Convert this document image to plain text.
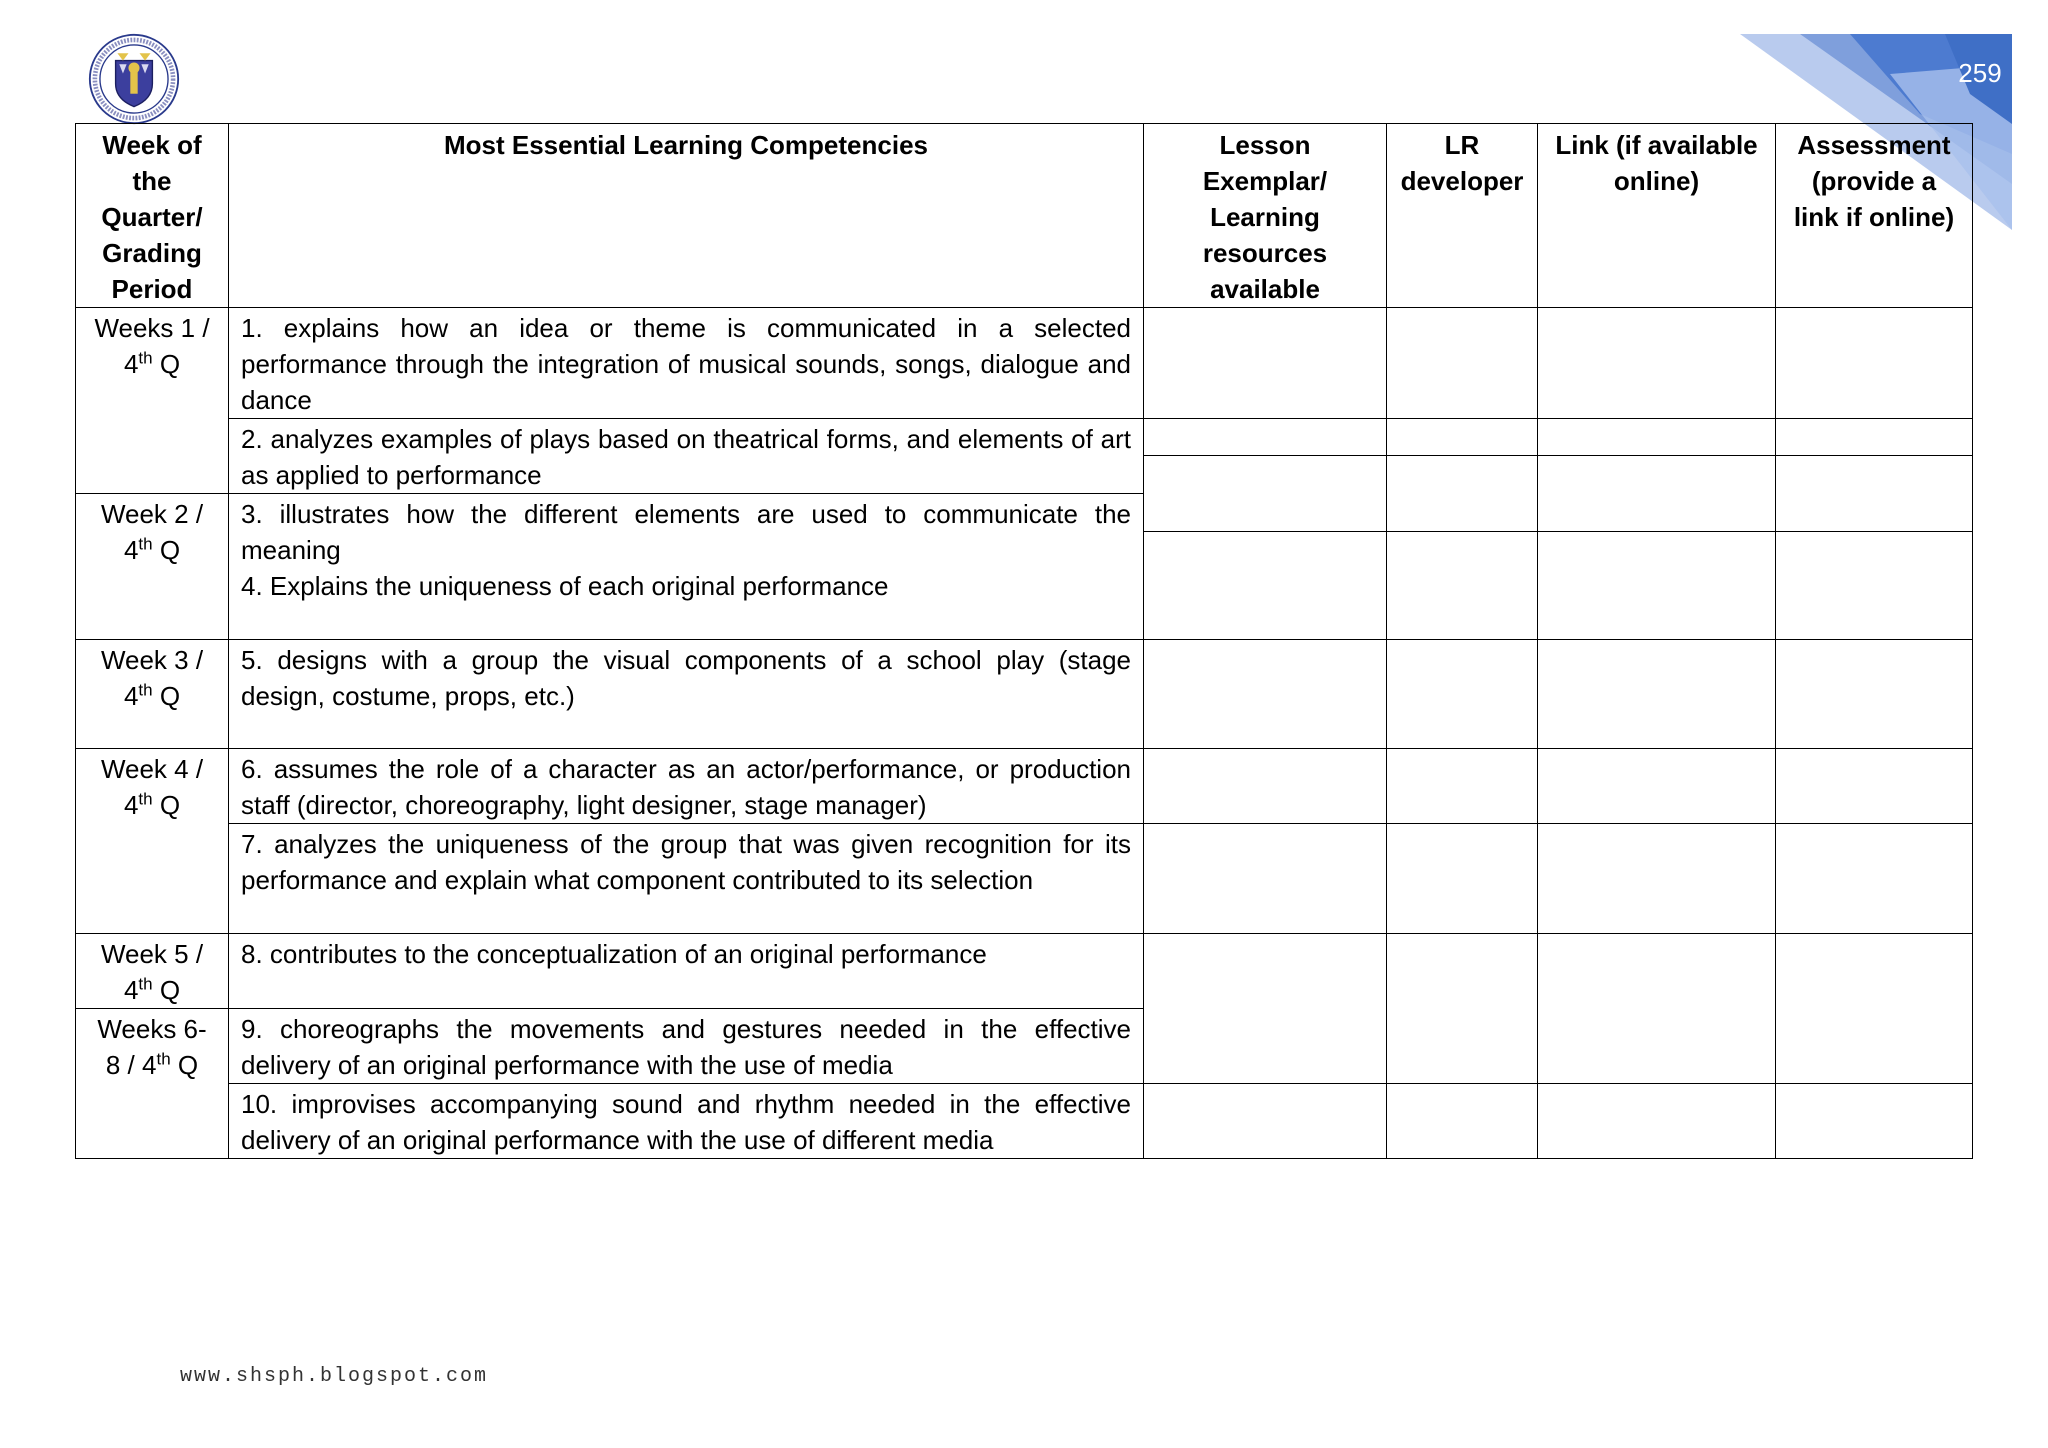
259
Week of the Quarter/ Grading Period	Most Essential Learning Competencies	Lesson Exemplar/ Learning resources available	LR developer	Link (if available online)	Assessment (provide a link if online)

Weeks 1 /
4th Q	1. explains how an idea or theme is communicated in a selected performance through the integration of musical sounds, songs, dialogue and dance				
	2. analyzes examples of plays based on theatrical forms, and elements of art as applied to performance				

Week 2 /
4th Q	3. illustrates how the different elements are used to communicate the meaning
4. Explains the uniqueness of each original performance				

Week 3 /
4th Q	5. designs with a group the visual components of a school play (stage design, costume, props, etc.)				

Week 4 /
4th Q	6. assumes the role of a character as an actor/performance, or production staff (director, choreography, light designer, stage manager)				
	7. analyzes the uniqueness of the group that was given recognition for its performance and explain what component contributed to its selection				

Week 5 /
4th Q	8. contributes to the conceptualization of an original performance				

Weeks 6-
8 / 4th Q	9. choreographs the movements and gestures needed in the effective delivery of an original performance with the use of media				
	10. improvises accompanying sound and rhythm needed in the effective delivery of an original performance with the use of different media				
www.shsph.blogspot.com
